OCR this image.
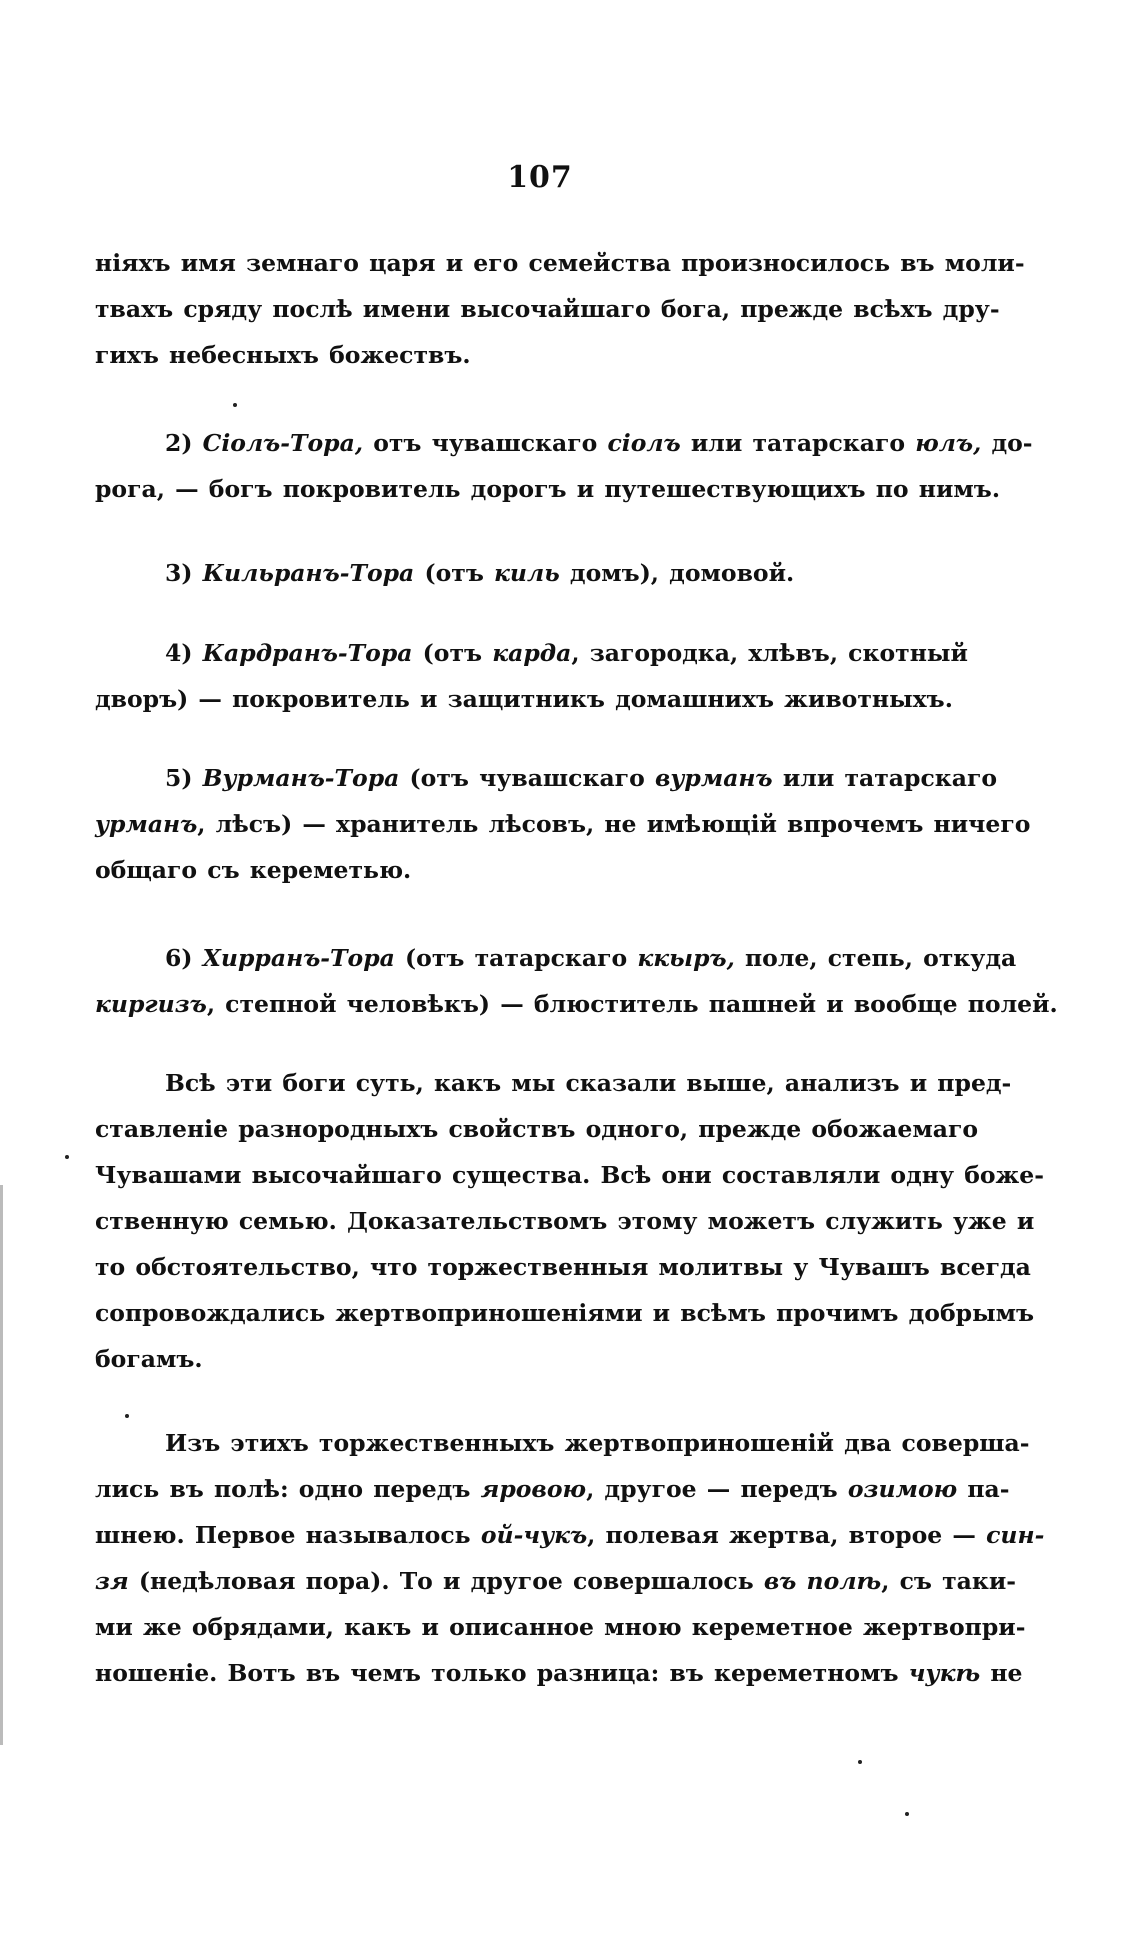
107
ніяхъ имя земнаго царя и его семейства произносилось въ моли-
твахъ сряду послѣ имени высочайшаго бога, прежде всѣхъ дру-
гихъ небесныхъ божествъ.
2) Сіолъ-Тора, отъ чувашскаго сіолъ или татарскаго юлъ, до-
рога, — богъ покровитель дорогъ и путешествующихъ по нимъ.
3) Кильранъ-Тора (отъ киль домъ), домовой.
4) Кардранъ-Тора (отъ карда, загородка, хлѣвъ, скотный
дворъ) — покровитель и защитникъ домашнихъ животныхъ.
5) Вурманъ-Тора (отъ чувашскаго вурманъ или татарскаго
урманъ, лѣсъ) — хранитель лѣсовъ, не имѣющій впрочемъ ничего
общаго съ кереметью.
6) Хирранъ-Тора (отъ татарскаго ккыръ, поле, степь, откуда
киргизъ, степной человѣкъ) — блюститель пашней и вообще полей.
Всѣ эти боги суть, какъ мы сказали выше, анализъ и пред-
ставленіе разнородныхъ свойствъ одного, прежде обожаемаго
Чувашами высочайшаго существа. Всѣ они составляли одну боже-
ственную семью. Доказательствомъ этому можетъ служить уже и
то обстоятельство, что торжественныя молитвы у Чувашъ всегда
сопровождались жертвоприношеніями и всѣмъ прочимъ добрымъ
богамъ.
Изъ этихъ торжественныхъ жертвоприношеній два соверша-
лись въ полѣ: одно передъ яровою, другое — передъ озимою па-
шнею. Первое называлось ой-чукъ, полевая жертва, второе — син-
зя (недѣловая пора). То и другое совершалось въ полѣ, съ таки-
ми же обрядами, какъ и описанное мною кереметное жертвопри-
ношеніе. Вотъ въ чемъ только разница: въ кереметномъ чукѣ не
